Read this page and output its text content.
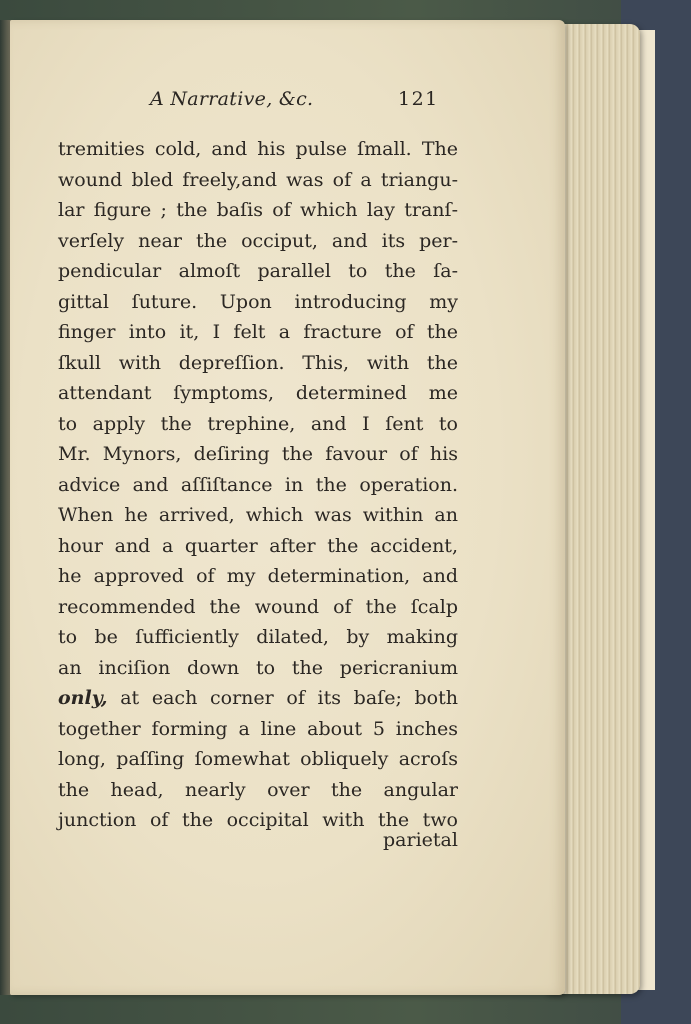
A Narrative, &c.	121
tremities cold, and his pulse ſmall. The
wound bled freely,and was of a triangu-
lar figure ; the baſis of which lay tranſ-
verſely near the occiput, and its per-
pendicular almoſt parallel to the ſa-
gittal ſuture. Upon introducing my
finger into it, I felt a fracture of the
ſkull with depreſſion. This, with the
attendant ſymptoms, determined me
to apply the trephine, and I ſent to
Mr. Mynors, deſiring the favour of his
advice and aſſiſtance in the operation.
When he arrived, which was within an
hour and a quarter after the accident,
he approved of my determination, and
recommended the wound of the ſcalp
to be ſufficiently dilated, by making
an inciſion down to the pericranium
only, at each corner of its baſe; both
together forming a line about 5 inches
long, paſſing ſomewhat obliquely acroſs
the head, nearly over the angular
junction of the occipital with the two
parietal
